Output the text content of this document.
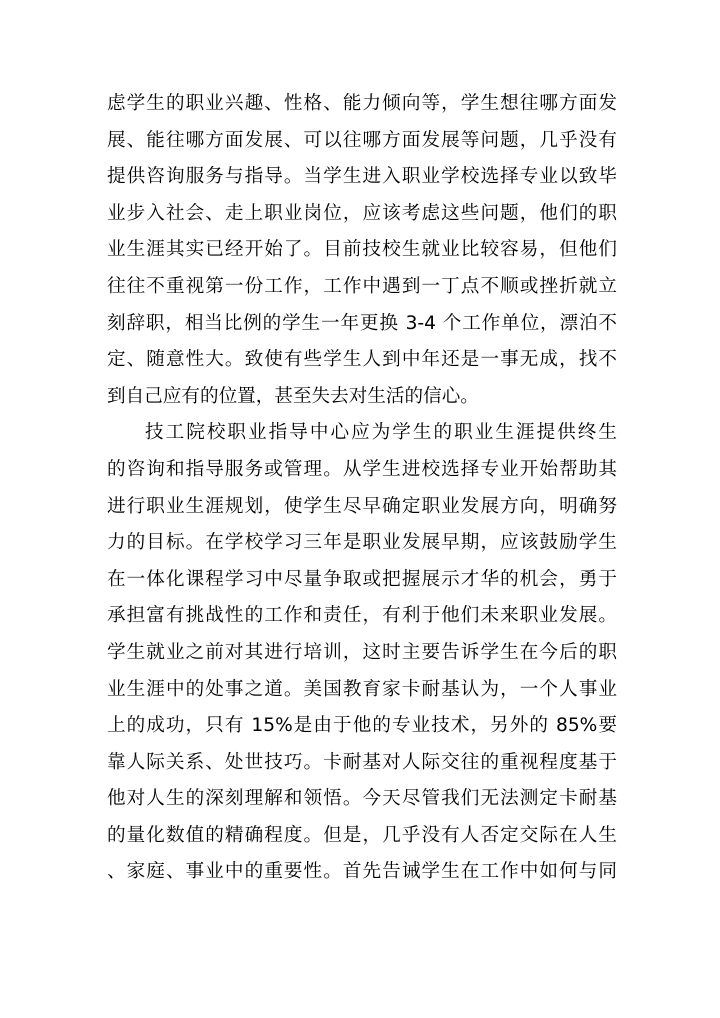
虑学生的职业兴趣、性格、能力倾向等，学生想往哪方面发
展、能往哪方面发展、可以往哪方面发展等问题，几乎没有
提供咨询服务与指导。当学生进入职业学校选择专业以致毕
业步入社会、走上职业岗位，应该考虑这些问题，他们的职
业生涯其实已经开始了。目前技校生就业比较容易，但他们
往往不重视第一份工作，工作中遇到一丁点不顺或挫折就立
刻辞职，相当比例的学生一年更换 3-4 个工作单位，漂泊不
定、随意性大。致使有些学生人到中年还是一事无成，找不
到自己应有的位置，甚至失去对生活的信心。
技工院校职业指导中心应为学生的职业生涯提供终生
的咨询和指导服务或管理。从学生进校选择专业开始帮助其
进行职业生涯规划，使学生尽早确定职业发展方向，明确努
力的目标。在学校学习三年是职业发展早期，应该鼓励学生
在一体化课程学习中尽量争取或把握展示才华的机会，勇于
承担富有挑战性的工作和责任，有利于他们未来职业发展。
学生就业之前对其进行培训，这时主要告诉学生在今后的职
业生涯中的处事之道。美国教育家卡耐基认为，一个人事业
上的成功，只有 15%是由于他的专业技术，另外的 85%要
靠人际关系、处世技巧。卡耐基对人际交往的重视程度基于
他对人生的深刻理解和领悟。今天尽管我们无法测定卡耐基
的量化数值的精确程度。但是，几乎没有人否定交际在人生
、家庭、事业中的重要性。首先告诫学生在工作中如何与同
